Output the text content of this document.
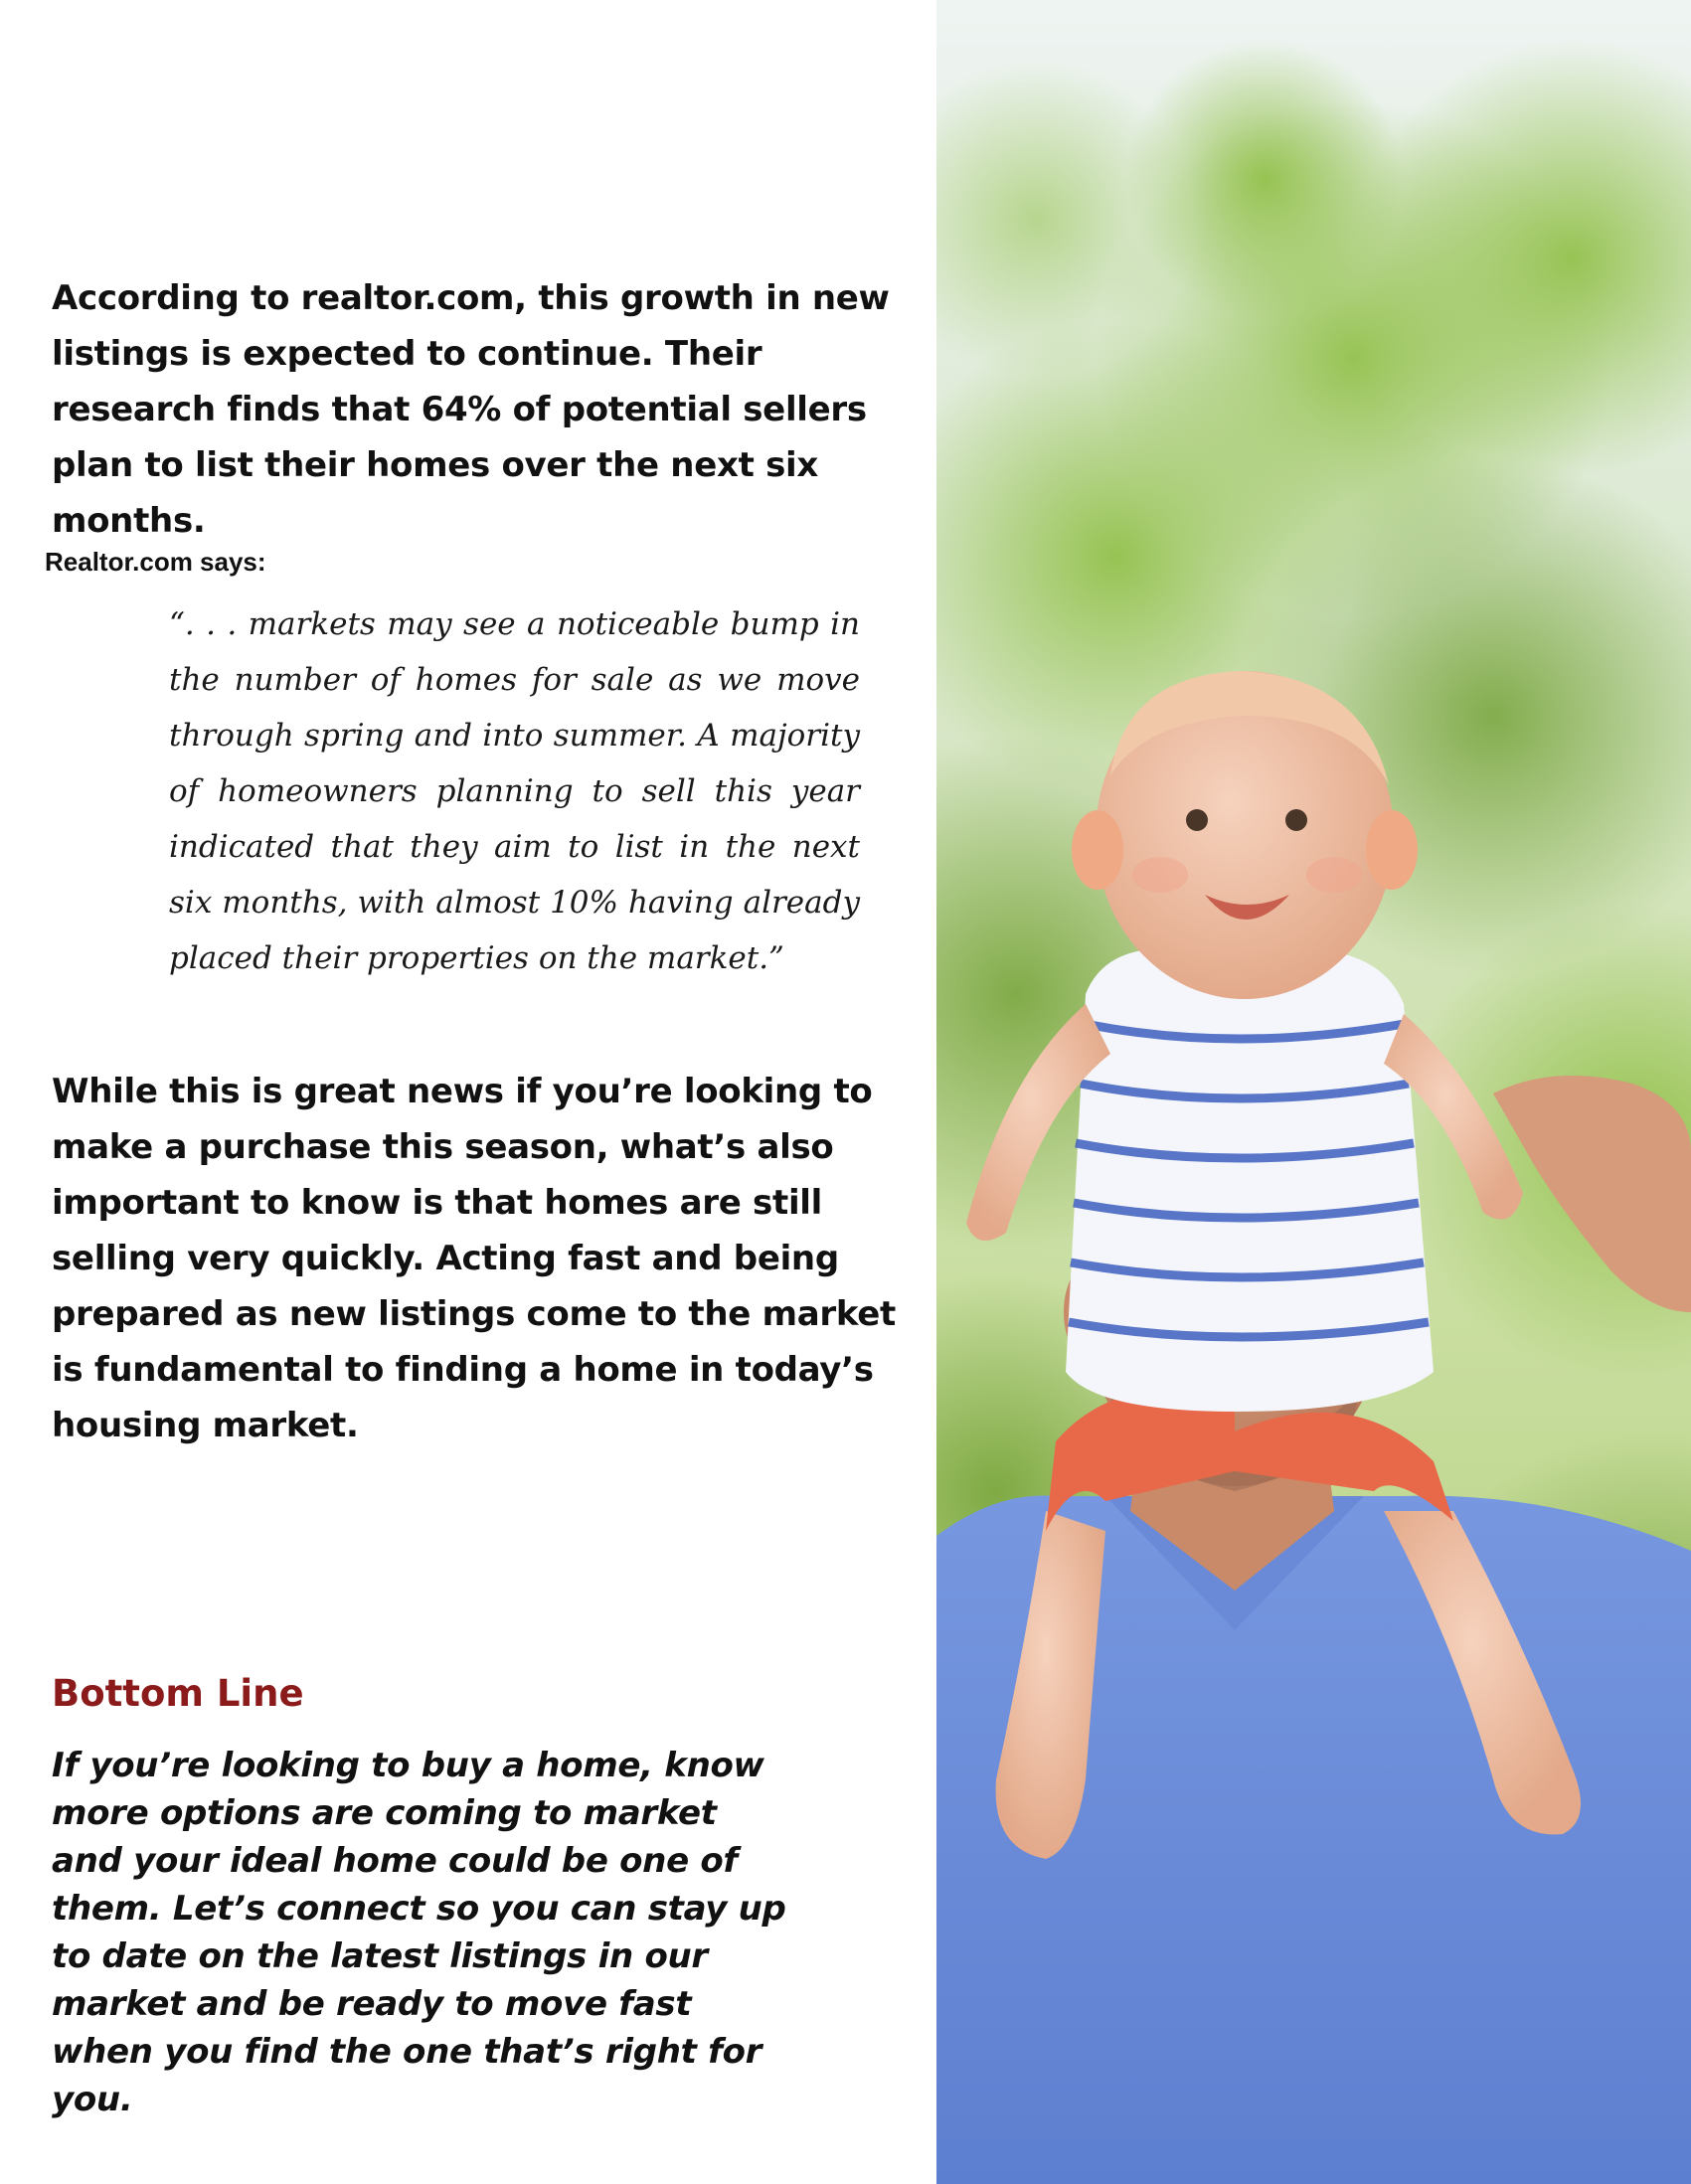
According to realtor.com, this growth in new listings is expected to continue. Their research finds that 64% of potential sellers plan to list their homes over the next six months.

Realtor.com says:

“. . . markets may see a noticeable bump in the number of homes for sale as we move through spring and into summer. A majority of homeowners planning to sell this year indicated that they aim to list in the next six months, with almost 10% having already placed their properties on the market.”

While this is great news if you’re looking to make a purchase this season, what’s also important to know is that homes are still selling very quickly. Acting fast and being prepared as new listings come to the market is fundamental to finding a home in today’s housing market.

Bottom Line

If you’re looking to buy a home, know more options are coming to market and your ideal home could be one of them. Let’s connect so you can stay up to date on the latest listings in our market and be ready to move fast when you find the one that’s right for you.
